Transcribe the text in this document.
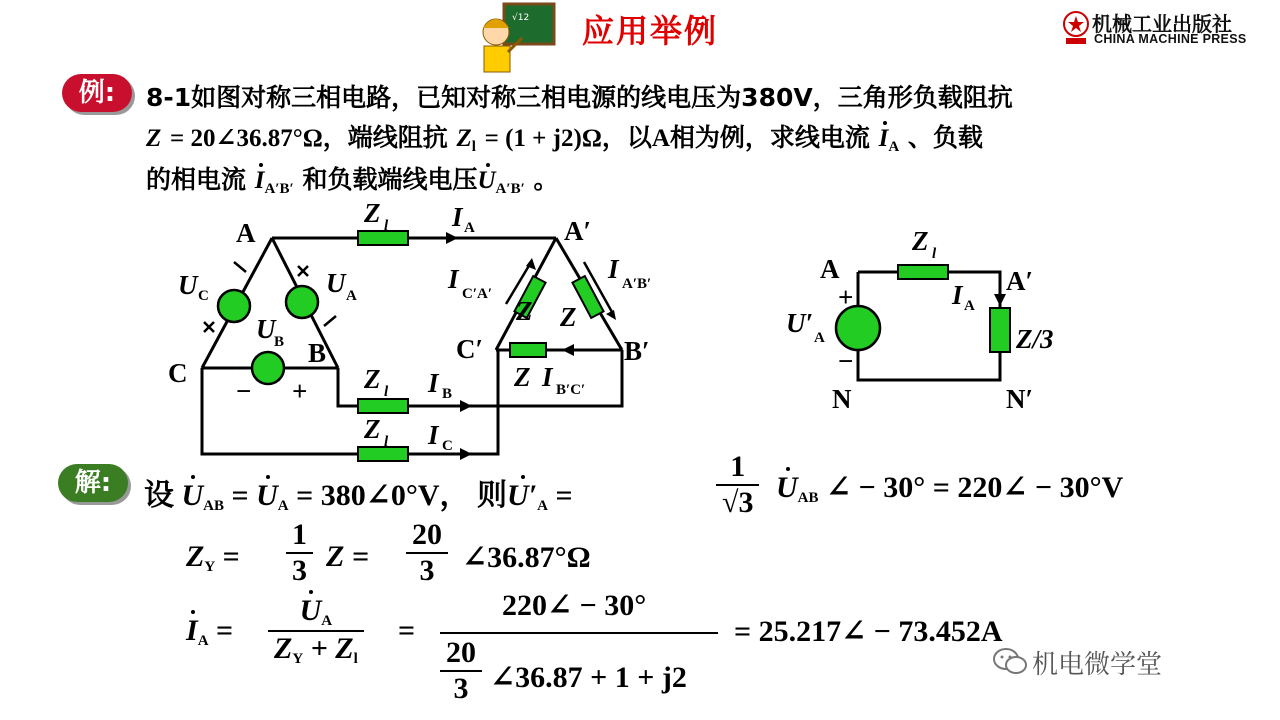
√12 应用举例	机械工业出版社
CHINA MACHINE PRESS
例:	8-1如图对称三相电路，已知对称三相电源的线电压为380V，三角形负载阻抗
Z = 20∠36.87°Ω，端线阻抗 $Z_l = (1 + j2)\Omega$，以A相为例，求线电流 $I_A$ 、负载
的相电流 $I_{A'B'}$ 和负载端线电压$U_{A'B'}$ 。
A
B
C
A′
B′
C′
U C	U A
U
B
− +
Z l
Z l
Z l
I A
I B
I C
I C′A′
I A′B′
I B′C′
Z Z
Z
A	A′
N	N′
Z l
I A
U′ A	Z/3
+
−
解:	设 $U_{AB} = U_A$ = 380∠0°V， 则$U'_A$ =	$\frac{1}{√3} U_{AB}$ ∠ − 30° = 220∠ − 30°V
$Z_Y = \frac{1}{3}$ $Z = \frac{20}{3}$ ∠36.87°Ω
$I_A = \frac{U_A}{Z_Y + Z_l}$ =
220∠ − 30°
$\frac{20}{3}$ ∠36.87 + 1 + j2
= 25.217∠ − 73.452A
机电微学堂
